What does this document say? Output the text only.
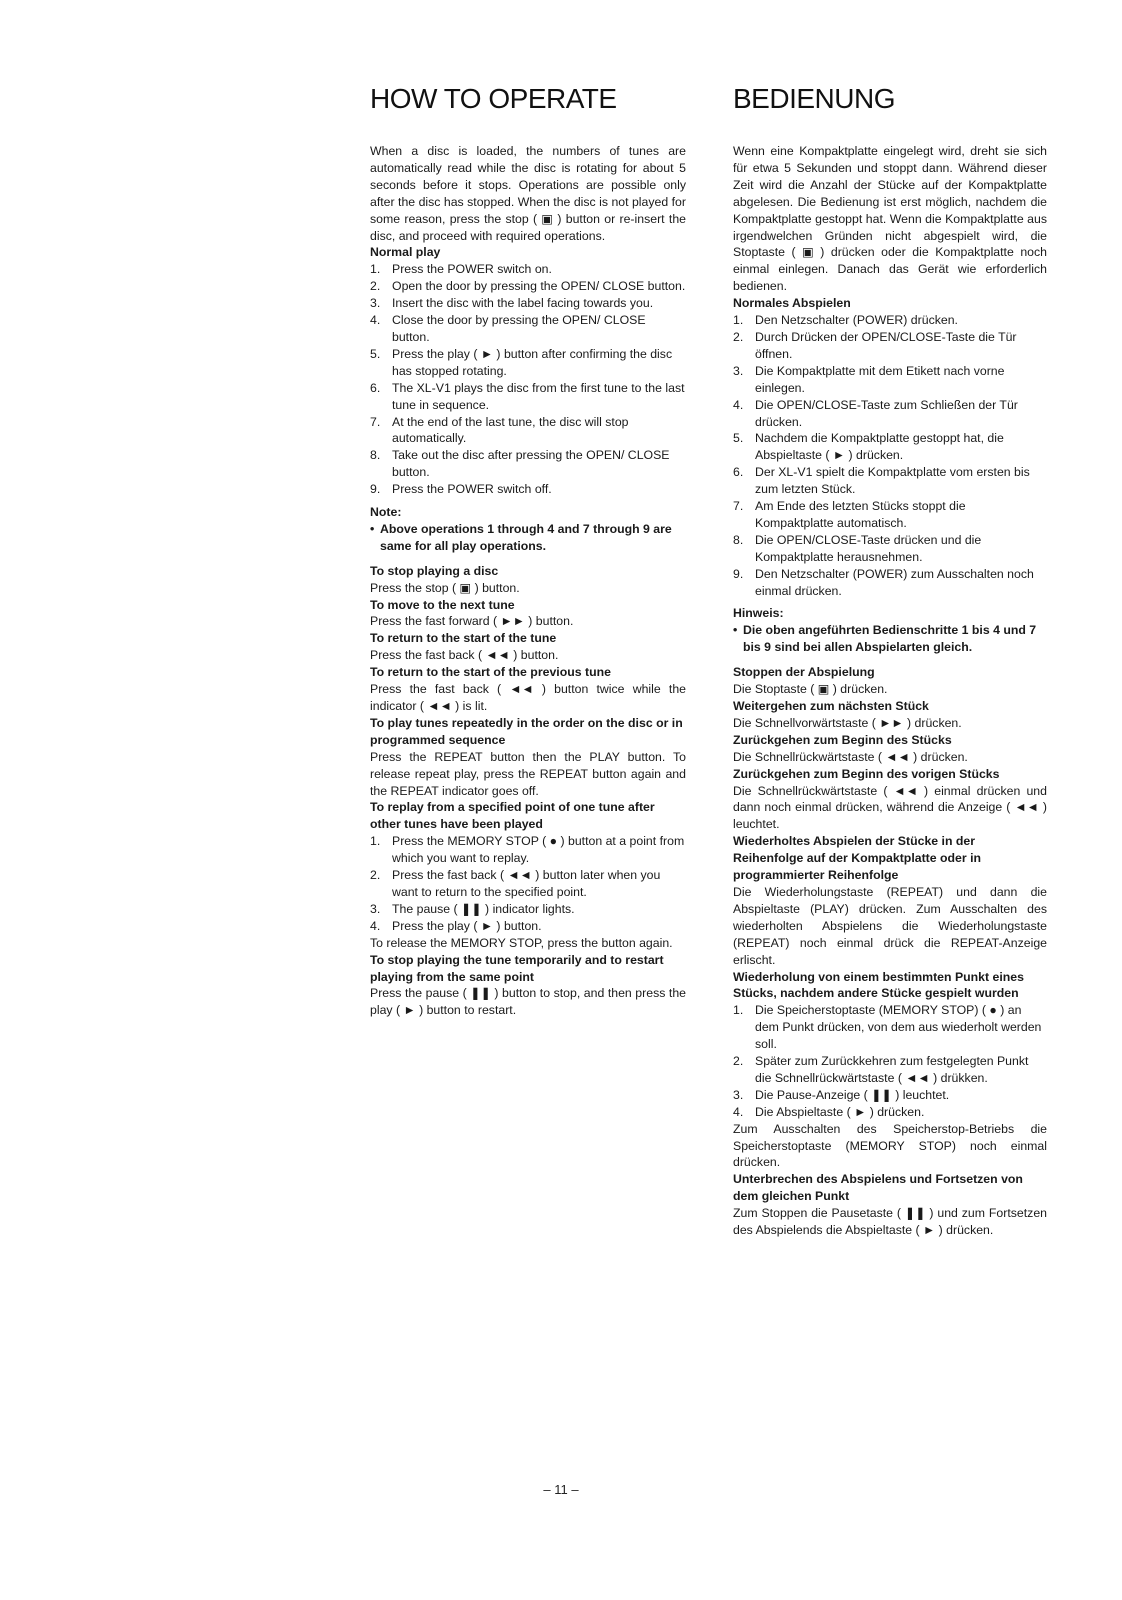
HOW TO OPERATE

When a disc is loaded, the numbers of tunes are automatically read while the disc is rotating for about 5 seconds before it stops. Operations are possible only after the disc has stopped. When the disc is not played for some reason, press the stop ( ▣ ) button or re-insert the disc, and proceed with required operations.

Normal play

1. Press the POWER switch on.
2. Open the door by pressing the OPEN/ CLOSE button.
3. Insert the disc with the label facing towards you.
4. Close the door by pressing the OPEN/ CLOSE button.
5. Press the play ( ► ) button after confirming the disc has stopped rotating.
6. The XL-V1 plays the disc from the first tune to the last tune in sequence.
7. At the end of the last tune, the disc will stop automatically.
8. Take out the disc after pressing the OPEN/ CLOSE button.
9. Press the POWER switch off.

Note:

• Above operations 1 through 4 and 7 through 9 are same for all play operations.

To stop playing a disc

Press the stop ( ▣ ) button.

To move to the next tune

Press the fast forward ( ►► ) button.

To return to the start of the tune

Press the fast back ( ◄◄ ) button.

To return to the start of the previous tune

Press the fast back ( ◄◄ ) button twice while the indicator ( ◄◄ ) is lit.

To play tunes repeatedly in the order on the disc or in programmed sequence

Press the REPEAT button then the PLAY button. To release repeat play, press the REPEAT button again and the REPEAT indicator goes off.

To replay from a specified point of one tune after other tunes have been played

1. Press the MEMORY STOP ( ● ) button at a point from which you want to replay.
2. Press the fast back ( ◄◄ ) button later when you want to return to the specified point.
3. The pause ( ❚❚ ) indicator lights.
4. Press the play ( ► ) button.

To release the MEMORY STOP, press the button again.

To stop playing the tune temporarily and to restart playing from the same point

Press the pause ( ❚❚ ) button to stop, and then press the play ( ► ) button to restart.

BEDIENUNG

Wenn eine Kompaktplatte eingelegt wird, dreht sie sich für etwa 5 Sekunden und stoppt dann. Während dieser Zeit wird die Anzahl der Stücke auf der Kompaktplatte abgelesen. Die Bedienung ist erst möglich, nachdem die Kompaktplatte gestoppt hat. Wenn die Kompaktplatte aus irgendwelchen Gründen nicht abgespielt wird, die Stoptaste ( ▣ ) drücken oder die Kompaktplatte noch einmal einlegen. Danach das Gerät wie erforderlich bedienen.

Normales Abspielen

1. Den Netzschalter (POWER) drücken.
2. Durch Drücken der OPEN/CLOSE-Taste die Tür öffnen.
3. Die Kompaktplatte mit dem Etikett nach vorne einlegen.
4. Die OPEN/CLOSE-Taste zum Schließen der Tür drücken.
5. Nachdem die Kompaktplatte gestoppt hat, die Abspieltaste ( ► ) drücken.
6. Der XL-V1 spielt die Kompaktplatte vom ersten bis zum letzten Stück.
7. Am Ende des letzten Stücks stoppt die Kompaktplatte automatisch.
8. Die OPEN/CLOSE-Taste drücken und die Kompaktplatte herausnehmen.
9. Den Netzschalter (POWER) zum Ausschalten noch einmal drücken.

Hinweis:

• Die oben angeführten Bedienschritte 1 bis 4 und 7 bis 9 sind bei allen Abspielarten gleich.

Stoppen der Abspielung

Die Stoptaste ( ▣ ) drücken.

Weitergehen zum nächsten Stück

Die Schnellvorwärtstaste ( ►► ) drücken.

Zurückgehen zum Beginn des Stücks

Die Schnellrückwärtstaste ( ◄◄ ) drücken.

Zurückgehen zum Beginn des vorigen Stücks

Die Schnellrückwärtstaste ( ◄◄ ) einmal drücken und dann noch einmal drücken, während die Anzeige ( ◄◄ ) leuchtet.

Wiederholtes Abspielen der Stücke in der Reihenfolge auf der Kompaktplatte oder in programmierter Reihenfolge

Die Wiederholungstaste (REPEAT) und dann die Abspieltaste (PLAY) drücken. Zum Ausschalten des wiederholten Abspielens die Wiederholungstaste (REPEAT) noch einmal drück die REPEAT-Anzeige erlischt.

Wiederholung von einem bestimmten Punkt eines Stücks, nachdem andere Stücke gespielt wurden

1. Die Speicherstoptaste (MEMORY STOP) ( ● ) an dem Punkt drücken, von dem aus wiederholt werden soll.
2. Später zum Zurückkehren zum festgelegten Punkt die Schnellrückwärtstaste ( ◄◄ ) drükken.
3. Die Pause-Anzeige ( ❚❚ ) leuchtet.
4. Die Abspieltaste ( ► ) drücken.

Zum Ausschalten des Speicherstop-Betriebs die Speicherstoptaste (MEMORY STOP) noch einmal drücken.

Unterbrechen des Abspielens und Fortsetzen von dem gleichen Punkt

Zum Stoppen die Pausetaste ( ❚❚ ) und zum Fortsetzen des Abspielends die Abspieltaste ( ► ) drücken.

– 11 –
